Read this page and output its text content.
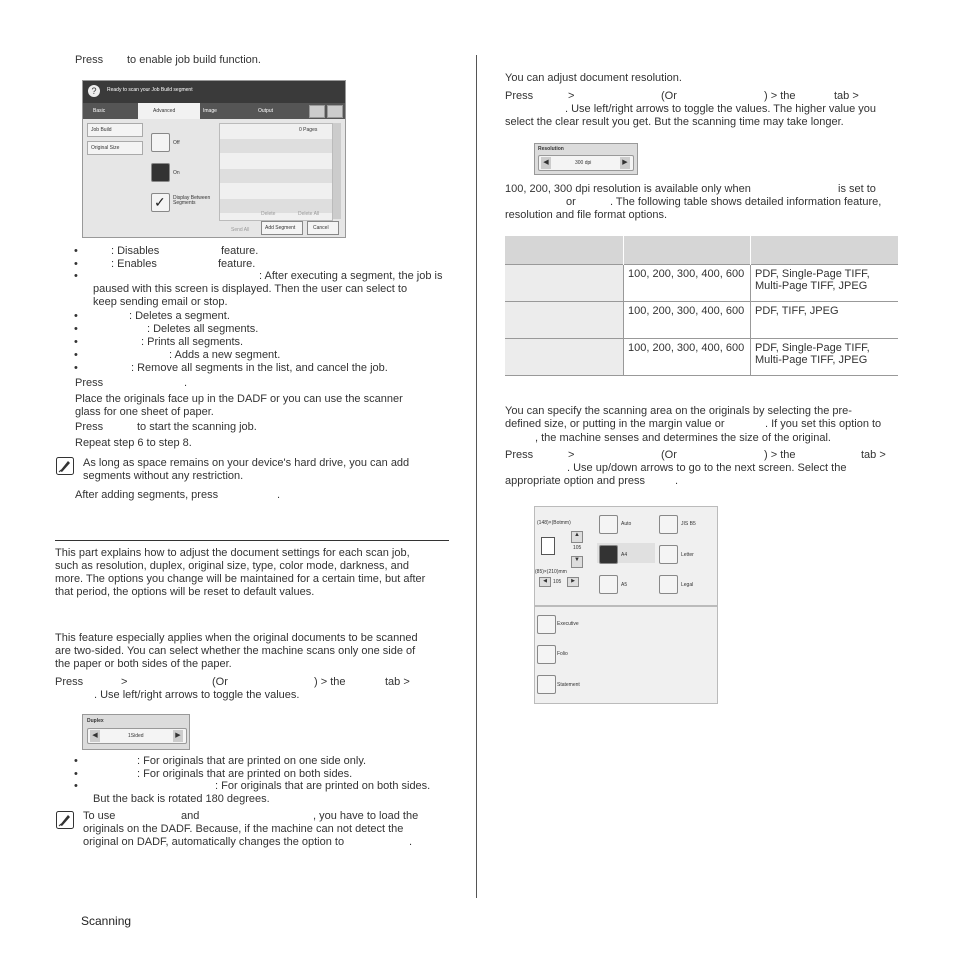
Press to enable job build function.
?	Ready to scan your Job Build segment
Basic	Advanced	Image	Output
Job Build
Original Size
Off
On
✓	Display Between Segments
0 Pages
Delete	Delete All
Send All	Add Segment	Cancel
•	: Disables	feature.
•	: Enables	feature.
•	: After executing a segment, the job is
paused with this screen is displayed. Then the user can select to
keep sending email or stop.
•	: Deletes a segment.
•	: Deletes all segments.
•	: Prints all segments.
•	: Adds a new segment.
•	: Remove all segments in the list, and cancel the job.
Press	.
Place the originals face up in the DADF or you can use the scanner
glass for one sheet of paper.
Press	to start the scanning job.
Repeat step 6 to step 8.
As long as space remains on your device's hard drive, you can add
segments without any restriction.
After adding segments, press	.
This part explains how to adjust the document settings for each scan job,
such as resolution, duplex, original size, type, color mode, darkness, and
more. The options you change will be maintained for a certain time, but after
that period, the options will be reset to default values.
This feature especially applies when the original documents to be scanned
are two-sided. You can select whether the machine scans only one side of
the paper or both sides of the paper.
Press	>	(Or	) > the	tab >
. Use left/right arrows to toggle the values.
Duplex
◀	1Sided	▶
•	: For originals that are printed on one side only.
•	: For originals that are printed on both sides.
•	: For originals that are printed on both sides.
But the back is rotated 180 degrees.
To use	and	, you have to load the
originals on the DADF. Because, if the machine can not detect the
original on DADF, automatically changes the option to	.
Scanning
You can adjust document resolution.
Press	>	(Or	) > the	tab >
. Use left/right arrows to toggle the values. The higher value you
select the clear result you get. But the scanning time may take longer.
Resolution
◀	300 dpi	▶
100, 200, 300 dpi resolution is available only when	is set to
or	. The following table shows detailed information feature,
resolution and file format options.

	100, 200, 300, 400, 600	PDF, Single-Page TIFF, Multi-Page TIFF, JPEG
	100, 200, 300, 400, 600	PDF, TIFF, JPEG
	100, 200, 300, 400, 600	PDF, Single-Page TIFF, Multi-Page TIFF, JPEG
You can specify the scanning area on the originals by selecting the pre-
defined size, or putting in the margin value or	. If you set this option to
, the machine senses and determines the size of the original.
Press	>	(Or	) > the	tab >
. Use up/down arrows to go to the next screen. Select the
appropriate option and press	.
(148)×(Botmm)
▲
105
▼
(85)×(210)mm
◀	105	▶
Auto
A4
A5
JIS B5
Letter
Legal
Executive
Folio
Statement
